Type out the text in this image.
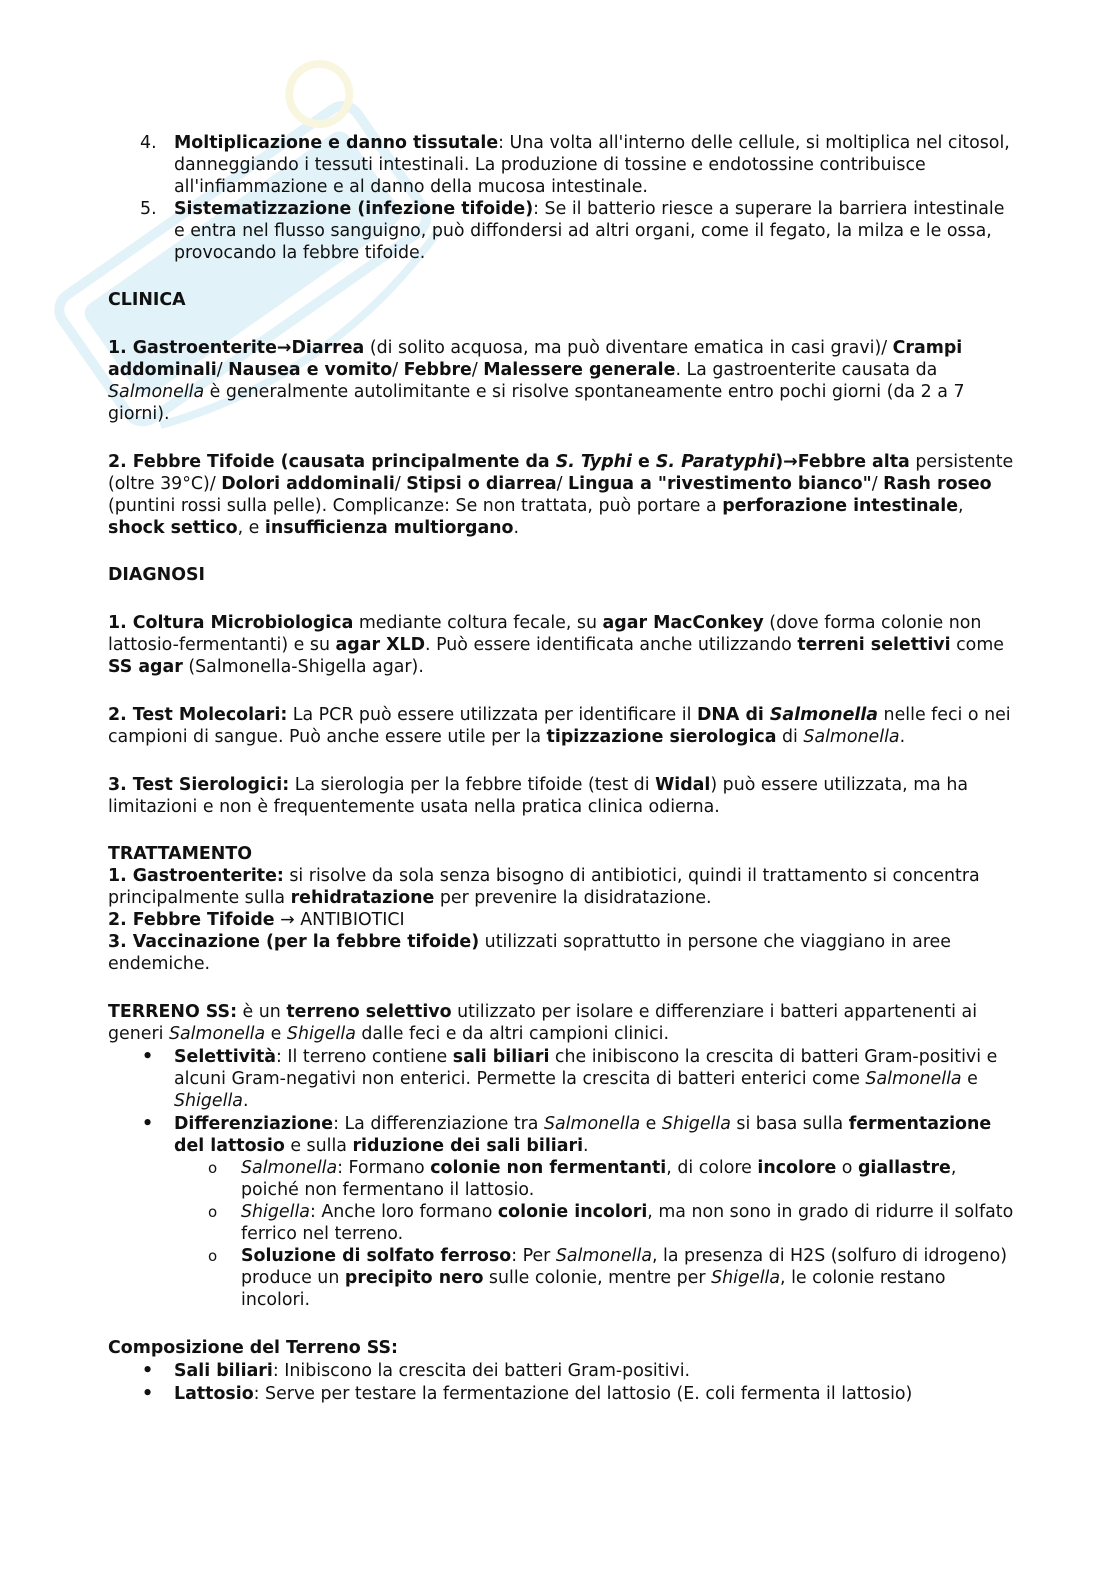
4. Moltiplicazione e danno tissutale: Una volta all'interno delle cellule, si moltiplica nel citosol, danneggiando i tessuti intestinali. La produzione di tossine e endotossine contribuisce all'infiammazione e al danno della mucosa intestinale.
5. Sistematizzazione (infezione tifoide): Se il batterio riesce a superare la barriera intestinale e entra nel flusso sanguigno, può diffondersi ad altri organi, come il fegato, la milza e le ossa, provocando la febbre tifoide.

CLINICA

1. Gastroenterite→Diarrea (di solito acquosa, ma può diventare ematica in casi gravi)/ Crampi addominali/ Nausea e vomito/ Febbre/ Malessere generale. La gastroenterite causata da Salmonella è generalmente autolimitante e si risolve spontaneamente entro pochi giorni (da 2 a 7 giorni).

2. Febbre Tifoide (causata principalmente da S. Typhi e S. Paratyphi)→Febbre alta persistente (oltre 39°C)/ Dolori addominali/ Stipsi o diarrea/ Lingua a "rivestimento bianco"/ Rash roseo (puntini rossi sulla pelle). Complicanze: Se non trattata, può portare a perforazione intestinale, shock settico, e insufficienza multiorgano.

DIAGNOSI

1. Coltura Microbiologica mediante coltura fecale, su agar MacConkey (dove forma colonie non lattosio-fermentanti) e su agar XLD. Può essere identificata anche utilizzando terreni selettivi come SS agar (Salmonella-Shigella agar).

2. Test Molecolari: La PCR può essere utilizzata per identificare il DNA di Salmonella nelle feci o nei campioni di sangue. Può anche essere utile per la tipizzazione sierologica di Salmonella.

3. Test Sierologici: La sierologia per la febbre tifoide (test di Widal) può essere utilizzata, ma ha limitazioni e non è frequentemente usata nella pratica clinica odierna.

TRATTAMENTO

1. Gastroenterite: si risolve da sola senza bisogno di antibiotici, quindi il trattamento si concentra principalmente sulla rehidratazione per prevenire la disidratazione.

2. Febbre Tifoide → ANTIBIOTICI

3. Vaccinazione (per la febbre tifoide) utilizzati soprattutto in persone che viaggiano in aree endemiche.

TERRENO SS: è un terreno selettivo utilizzato per isolare e differenziare i batteri appartenenti ai generi Salmonella e Shigella dalle feci e da altri campioni clinici.

• Selettività: Il terreno contiene sali biliari che inibiscono la crescita di batteri Gram-positivi e alcuni Gram-negativi non enterici. Permette la crescita di batteri enterici come Salmonella e Shigella.
• Differenziazione: La differenziazione tra Salmonella e Shigella si basa sulla fermentazione del lattosio e sulla riduzione dei sali biliari.
o Salmonella: Formano colonie non fermentanti, di colore incolore o giallastre, poiché non fermentano il lattosio.
o Shigella: Anche loro formano colonie incolori, ma non sono in grado di ridurre il solfato ferrico nel terreno.
o Soluzione di solfato ferroso: Per Salmonella, la presenza di H2S (solfuro di idrogeno) produce un precipito nero sulle colonie, mentre per Shigella, le colonie restano incolori.

Composizione del Terreno SS:

• Sali biliari: Inibiscono la crescita dei batteri Gram-positivi.
• Lattosio: Serve per testare la fermentazione del lattosio (E. coli fermenta il lattosio)
